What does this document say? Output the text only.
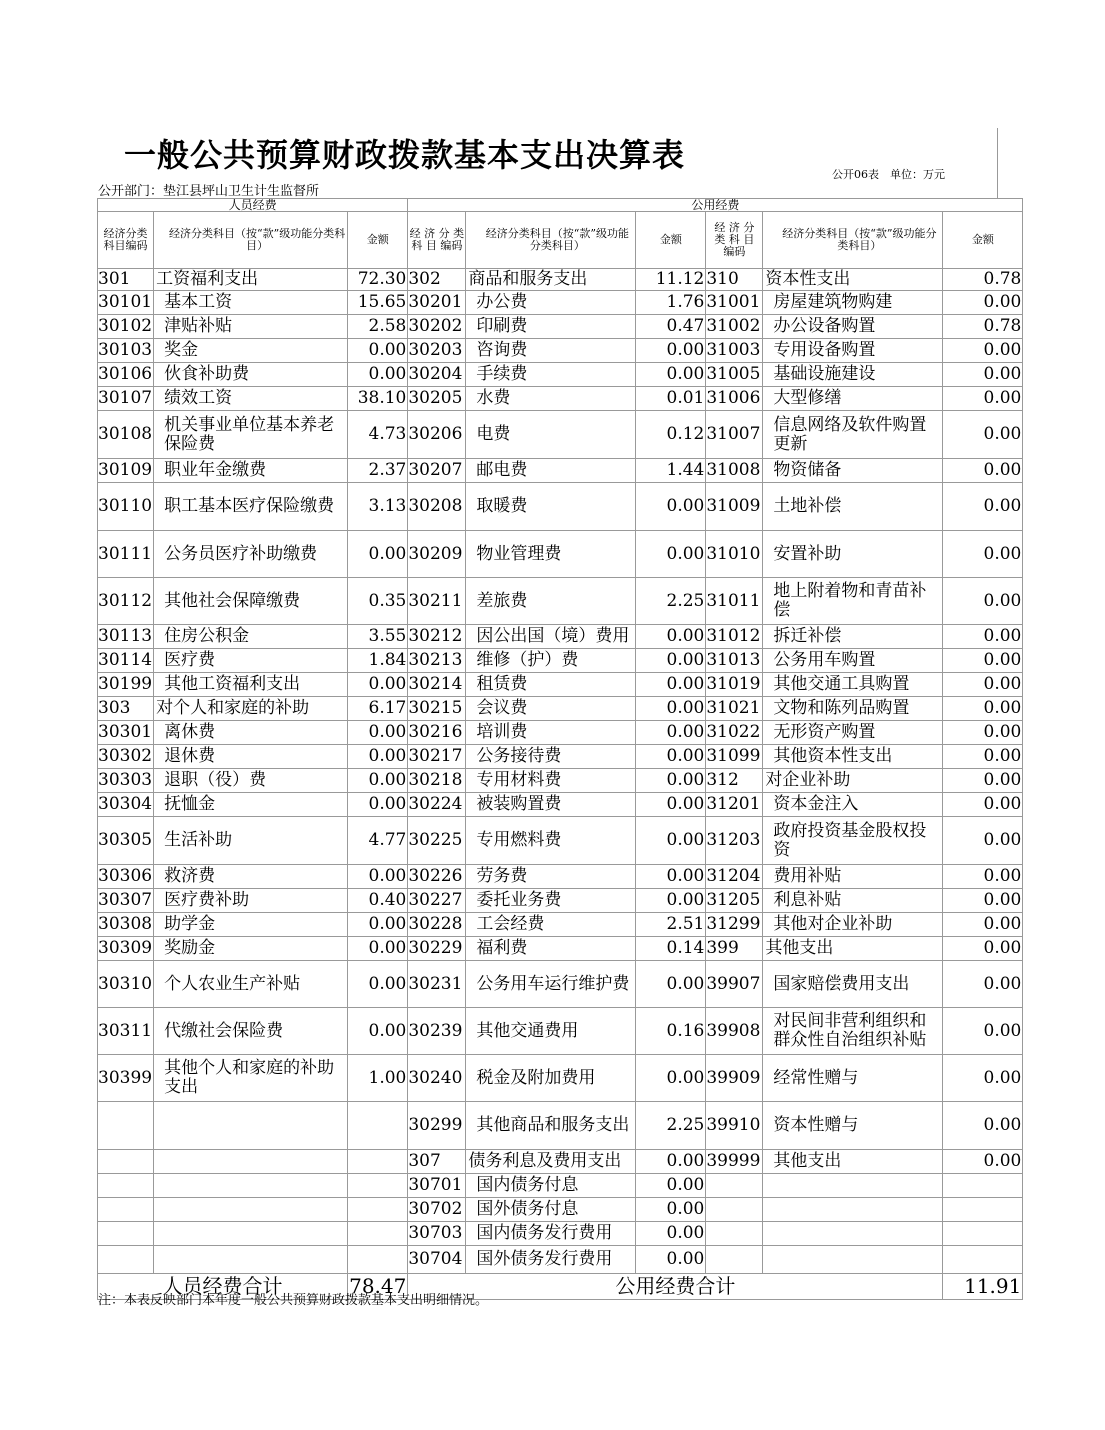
一般公共预算财政拨款基本支出决算表
公开06表　单位：万元
公开部门：垫江县坪山卫生计生监督所
人员经费			公用经费					
经济分类科目编码	经济分类科目（按“款”级功能分类科目）	金额	经 济 分 类 科 目 编码	经济分类科目（按“款”级功能分类科目）	金额	经 济 分 类 科 目 编码	经济分类科目（按“款”级功能分类科目）	金额
301	工资福利支出	72.30	302	商品和服务支出	11.12	310	资本性支出	0.78
30101	基本工资	15.65	30201	办公费	1.76	31001	房屋建筑物购建	0.00
30102	津贴补贴	2.58	30202	印刷费	0.47	31002	办公设备购置	0.78
30103	奖金	0.00	30203	咨询费	0.00	31003	专用设备购置	0.00
30106	伙食补助费	0.00	30204	手续费	0.00	31005	基础设施建设	0.00
30107	绩效工资	38.10	30205	水费	0.01	31006	大型修缮	0.00
30108	机关事业单位基本养老保险费	4.73	30206	电费	0.12	31007	信息网络及软件购置更新	0.00
30109	职业年金缴费	2.37	30207	邮电费	1.44	31008	物资储备	0.00
30110	职工基本医疗保险缴费	3.13	30208	取暖费	0.00	31009	土地补偿	0.00
30111	公务员医疗补助缴费	0.00	30209	物业管理费	0.00	31010	安置补助	0.00
30112	其他社会保障缴费	0.35	30211	差旅费	2.25	31011	地上附着物和青苗补偿	0.00
30113	住房公积金	3.55	30212	因公出国（境）费用	0.00	31012	拆迁补偿	0.00
30114	医疗费	1.84	30213	维修（护）费	0.00	31013	公务用车购置	0.00
30199	其他工资福利支出	0.00	30214	租赁费	0.00	31019	其他交通工具购置	0.00
303	对个人和家庭的补助	6.17	30215	会议费	0.00	31021	文物和陈列品购置	0.00
30301	离休费	0.00	30216	培训费	0.00	31022	无形资产购置	0.00
30302	退休费	0.00	30217	公务接待费	0.00	31099	其他资本性支出	0.00
30303	退职（役）费	0.00	30218	专用材料费	0.00	312	对企业补助	0.00
30304	抚恤金	0.00	30224	被装购置费	0.00	31201	资本金注入	0.00
30305	生活补助	4.77	30225	专用燃料费	0.00	31203	政府投资基金股权投资	0.00
30306	救济费	0.00	30226	劳务费	0.00	31204	费用补贴	0.00
30307	医疗费补助	0.40	30227	委托业务费	0.00	31205	利息补贴	0.00
30308	助学金	0.00	30228	工会经费	2.51	31299	其他对企业补助	0.00
30309	奖励金	0.00	30229	福利费	0.14	399	其他支出	0.00
30310	个人农业生产补贴	0.00	30231	公务用车运行维护费	0.00	39907	国家赔偿费用支出	0.00
30311	代缴社会保险费	0.00	30239	其他交通费用	0.16	39908	对民间非营利组织和群众性自治组织补贴	0.00
30399	其他个人和家庭的补助支出	1.00	30240	税金及附加费用	0.00	39909	经常性赠与	0.00
			30299	其他商品和服务支出	2.25	39910	资本性赠与	0.00
			307	债务利息及费用支出	0.00	39999	其他支出	0.00
			30701	国内债务付息	0.00			
			30702	国外债务付息	0.00			
			30703	国内债务发行费用	0.00			
			30704	国外债务发行费用	0.00			
人员经费合计		78.47	公用经费合计					11.91
注：本表反映部门本年度一般公共预算财政拨款基本支出明细情况。
